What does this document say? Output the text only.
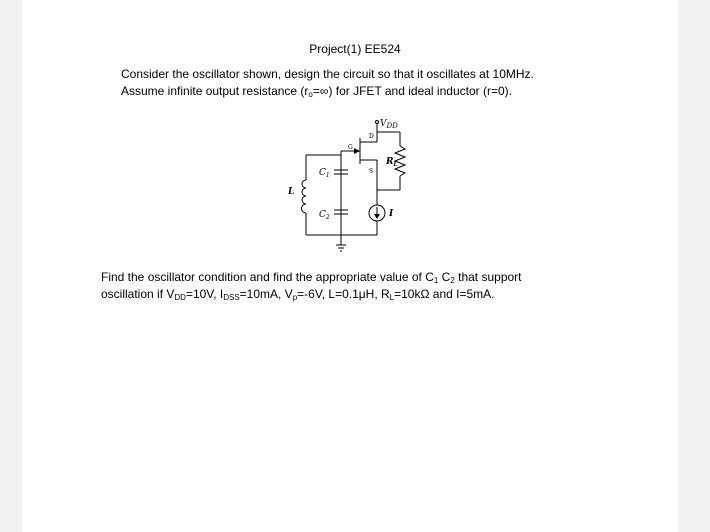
Project(1) EE524
Consider the oscillator shown, design the circuit so that it oscillates at 10MHz.
Assume infinite output resistance $(r_o=\infty)$ for JFET and ideal inductor (r=0).
$V_{DD}$
D
G
S
$R_L$
$C_1$
$C_2$
L
I
Find the oscillator condition and find the appropriate value of $C_1$ $C_2$ that support
oscillation if $V_{DD}=10V$, $I_{DSS}=10mA$, $V_p=-6V$, L=0.1μH, $R_L=10k\Omega$ and I=5mA.
